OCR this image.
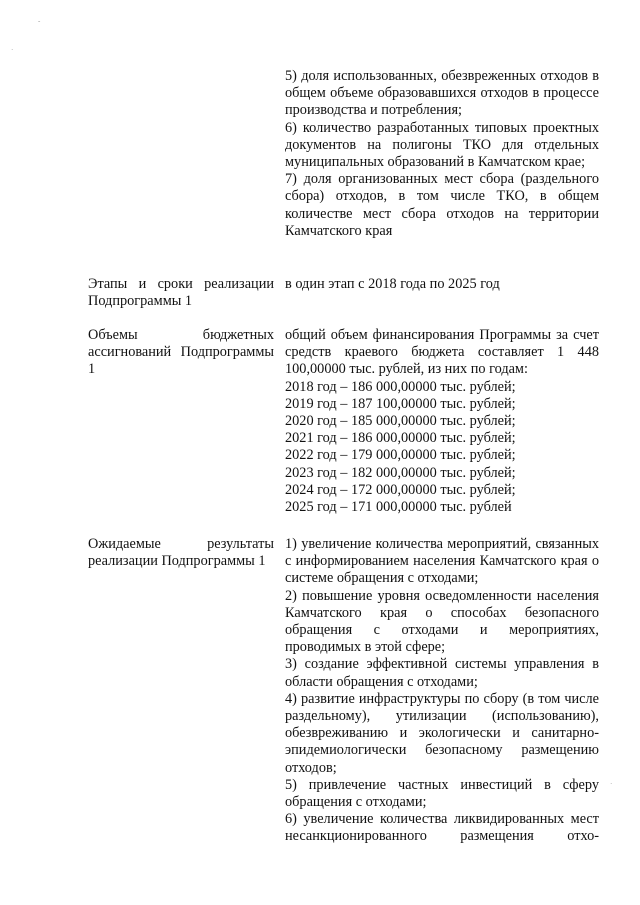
-
·
·

5) доля использованных, обезвреженных отходов в общем объеме образовавшихся отходов в процессе производства и потребления;

6) количество разработанных типовых проектных документов на полигоны ТКО для отдельных муниципальных образований в Камчатском крае;

7) доля организованных мест сбора (раздельного сбора) отходов, в том числе ТКО, в общем количестве мест сбора отходов на территории Камчатского края

Этапы и сроки реализации Подпрограммы 1

в один этап с 2018 года по 2025 год

Объемы бюджетных ассигнований Подпрограммы 1

общий объем финансирования Программы за счет средств краевого бюджета составляет 1 448 100,00000 тыс. рублей, из них по годам:

2018 год – 186 000,00000 тыс. рублей;
2019 год – 187 100,00000 тыс. рублей;
2020 год – 185 000,00000 тыс. рублей;
2021 год – 186 000,00000 тыс. рублей;
2022 год – 179 000,00000 тыс. рублей;
2023 год – 182 000,00000 тыс. рублей;
2024 год – 172 000,00000 тыс. рублей;
2025 год – 171 000,00000 тыс. рублей

Ожидаемые результаты реализации Подпрограммы 1

1) увеличение количества мероприятий, связанных с информированием населения Камчатского края о системе обращения с отходами;

2) повышение уровня осведомленности населения Камчатского края о способах безопасного обращения с отходами и мероприятиях, проводимых в этой сфере;

3) создание эффективной системы управления в области обращения с отходами;

4) развитие инфраструктуры по сбору (в том числе раздельному), утилизации (использованию), обезвреживанию и экологически и санитарно-эпидемиологически безопасному размещению отходов;

5) привлечение частных инвестиций в сферу обращения с отходами;

6) увеличение количества ликвидированных мест несанкционированного размещения отхо-
